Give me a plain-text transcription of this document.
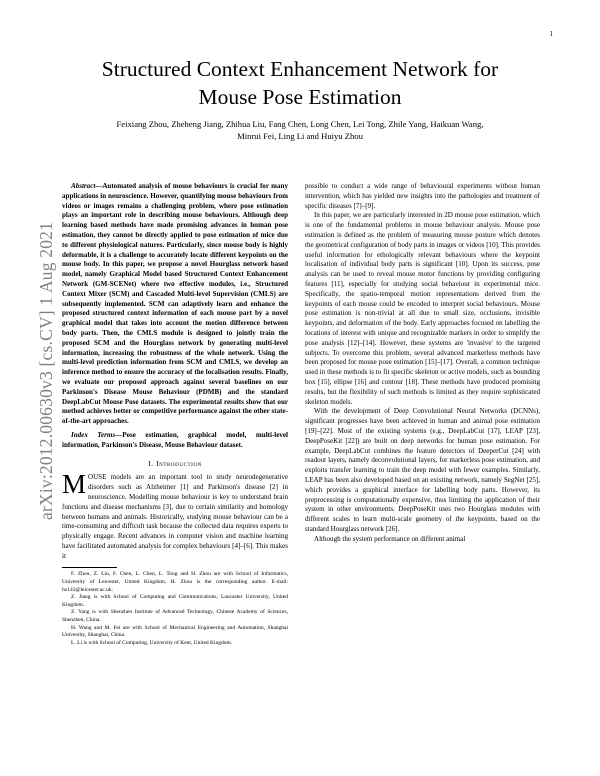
1
arXiv:2012.00630v3 [cs.CV] 1 Aug 2021
Structured Context Enhancement Network for
Mouse Pose Estimation
Feixiang Zhou, Zheheng Jiang, Zhihua Liu, Fang Chen, Long Chen, Lei Tong, Zhile Yang, Haikuan Wang,
Minrui Fei, Ling Li and Huiyu Zhou

Abstract—Automated analysis of mouse behaviours is crucial for many applications in neuroscience. However, quantifying mouse behaviours from videos or images remains a challenging problem, where pose estimation plays an important role in describing mouse behaviours. Although deep learning based methods have made promising advances in human pose estimation, they cannot be directly applied to pose estimation of mice due to different physiological natures. Particularly, since mouse body is highly deformable, it is a challenge to accurately locate different keypoints on the mouse body. In this paper, we propose a novel Hourglass network based model, namely Graphical Model based Structured Context Enhancement Network (GM-SCENet) where two effective modules, i.e., Structured Context Mixer (SCM) and Cascaded Multi-level Supervision (CMLS) are subsequently implemented. SCM can adaptively learn and enhance the proposed structured context information of each mouse part by a novel graphical model that takes into account the motion difference between body parts. Then, the CMLS module is designed to jointly train the proposed SCM and the Hourglass network by generating multi-level information, increasing the robustness of the whole network. Using the multi-level prediction information from SCM and CMLS, we develop an inference method to ensure the accuracy of the localisation results. Finally, we evaluate our proposed approach against several baselines on our Parkinson's Disease Mouse Behaviour (PDMB) and the standard DeepLabCut Mouse Pose datasets. The experimental results show that our method achieves better or competitive performance against the other state-of-the-art approaches.

Index Terms—Pose estimation, graphical model, multi-level information, Parkinson's Disease, Mouse Behaviour dataset.

I. Introduction

MOUSE models are an important tool to study neurodegenerative disorders such as Alzheimer [1] and Parkinson's disease [2] in neuroscience. Modelling mouse behaviour is key to understand brain functions and disease mechanisms [3], due to certain similarity and homology between humans and animals. Historically, studying mouse behaviour can be a time-consuming and difficult task because the collected data requires experts to physically engage. Recent advances in computer vision and machine learning have facilitated automated analysis for complex behaviours [4]–[6]. This makes it

F. Zhou, Z. Liu, F. Chen, L. Chen, L. Tong and H. Zhou are with School of Informatics, University of Leicester, United Kingdom. H. Zhou is the corresponding author. E-mail: hz143@leicester.ac.uk.

Z. Jiang is with School of Computing and Communications, Lancaster University, United Kingdom.

Z. Yang is with Shenzhen Institute of Advanced Technology, Chinese Academy of Sciences, Shenzhen, China.

H. Wang and M. Fei are with School of Mechanical Engineering and Automation, Shanghai University, Shanghai, China.

L. Li is with School of Computing, University of Kent, United Kingdom.

possible to conduct a wide range of behavioural experiments without human intervention, which has yielded new insights into the pathologies and treatment of specific diseases [7]–[9].

In this paper, we are particularly interested in 2D mouse pose estimation, which is one of the fundamental problems in mouse behaviour analysis. Mouse pose estimation is defined as the problem of measuring mouse posture which denotes the geometrical configuration of body parts in images or videos [10]. This provides useful information for ethologically relevant behaviours where the keypoint localisation of individual body parts is significant [10]. Upon its success, pose analysis can be used to reveal mouse motor functions by providing configuring features [11], especially for studying social behaviour in experimental mice. Specifically, the spatio-temporal motion representations derived from the keypoints of each mouse could be encoded to interpret social behaviours. Mouse pose estimation is non-trivial at all due to small size, occlusions, invisible keypoints, and deformation of the body. Early approaches focused on labelling the locations of interest with unique and recognizable markers in order to simplify the pose analysis [12]–[14]. However, these systems are 'invasive' to the targeted subjects. To overcome this problem, several advanced markerless methods have been proposed for mouse pose estimation [15]–[17]. Overall, a common technique used in these methods is to fit specific skeleton or active models, such as bounding box [15], ellipse [16] and contour [18]. These methods have produced promising results, but the flexibility of such methods is limited as they require sophisticated skeleton models.

With the development of Deep Convolutional Neural Networks (DCNNs), significant progresses have been achieved in human and animal pose estimation [19]–[22]. Most of the existing systems (e.g., DeepLabCut [17], LEAP [23], DeepPoseKit [22]) are built on deep networks for human pose estimation. For example, DeepLabCut combines the feature detectors of DeeperCut [24] with readout layers, namely deconvolutional layers, for markerless pose estimation, and exploits transfer learning to train the deep model with fewer examples. Similarly, LEAP has been also developed based on an existing network, namely SegNet [25], which provides a graphical interface for labelling body parts. However, its preprocessing is computationally expensive, thus limiting the application of their system in other environments. DeepPoseKit uses two Hourglass modules with different scales to learn multi-scale geometry of the keypoints, based on the standard Hourglass network [26].

Although the system performance on different animal
